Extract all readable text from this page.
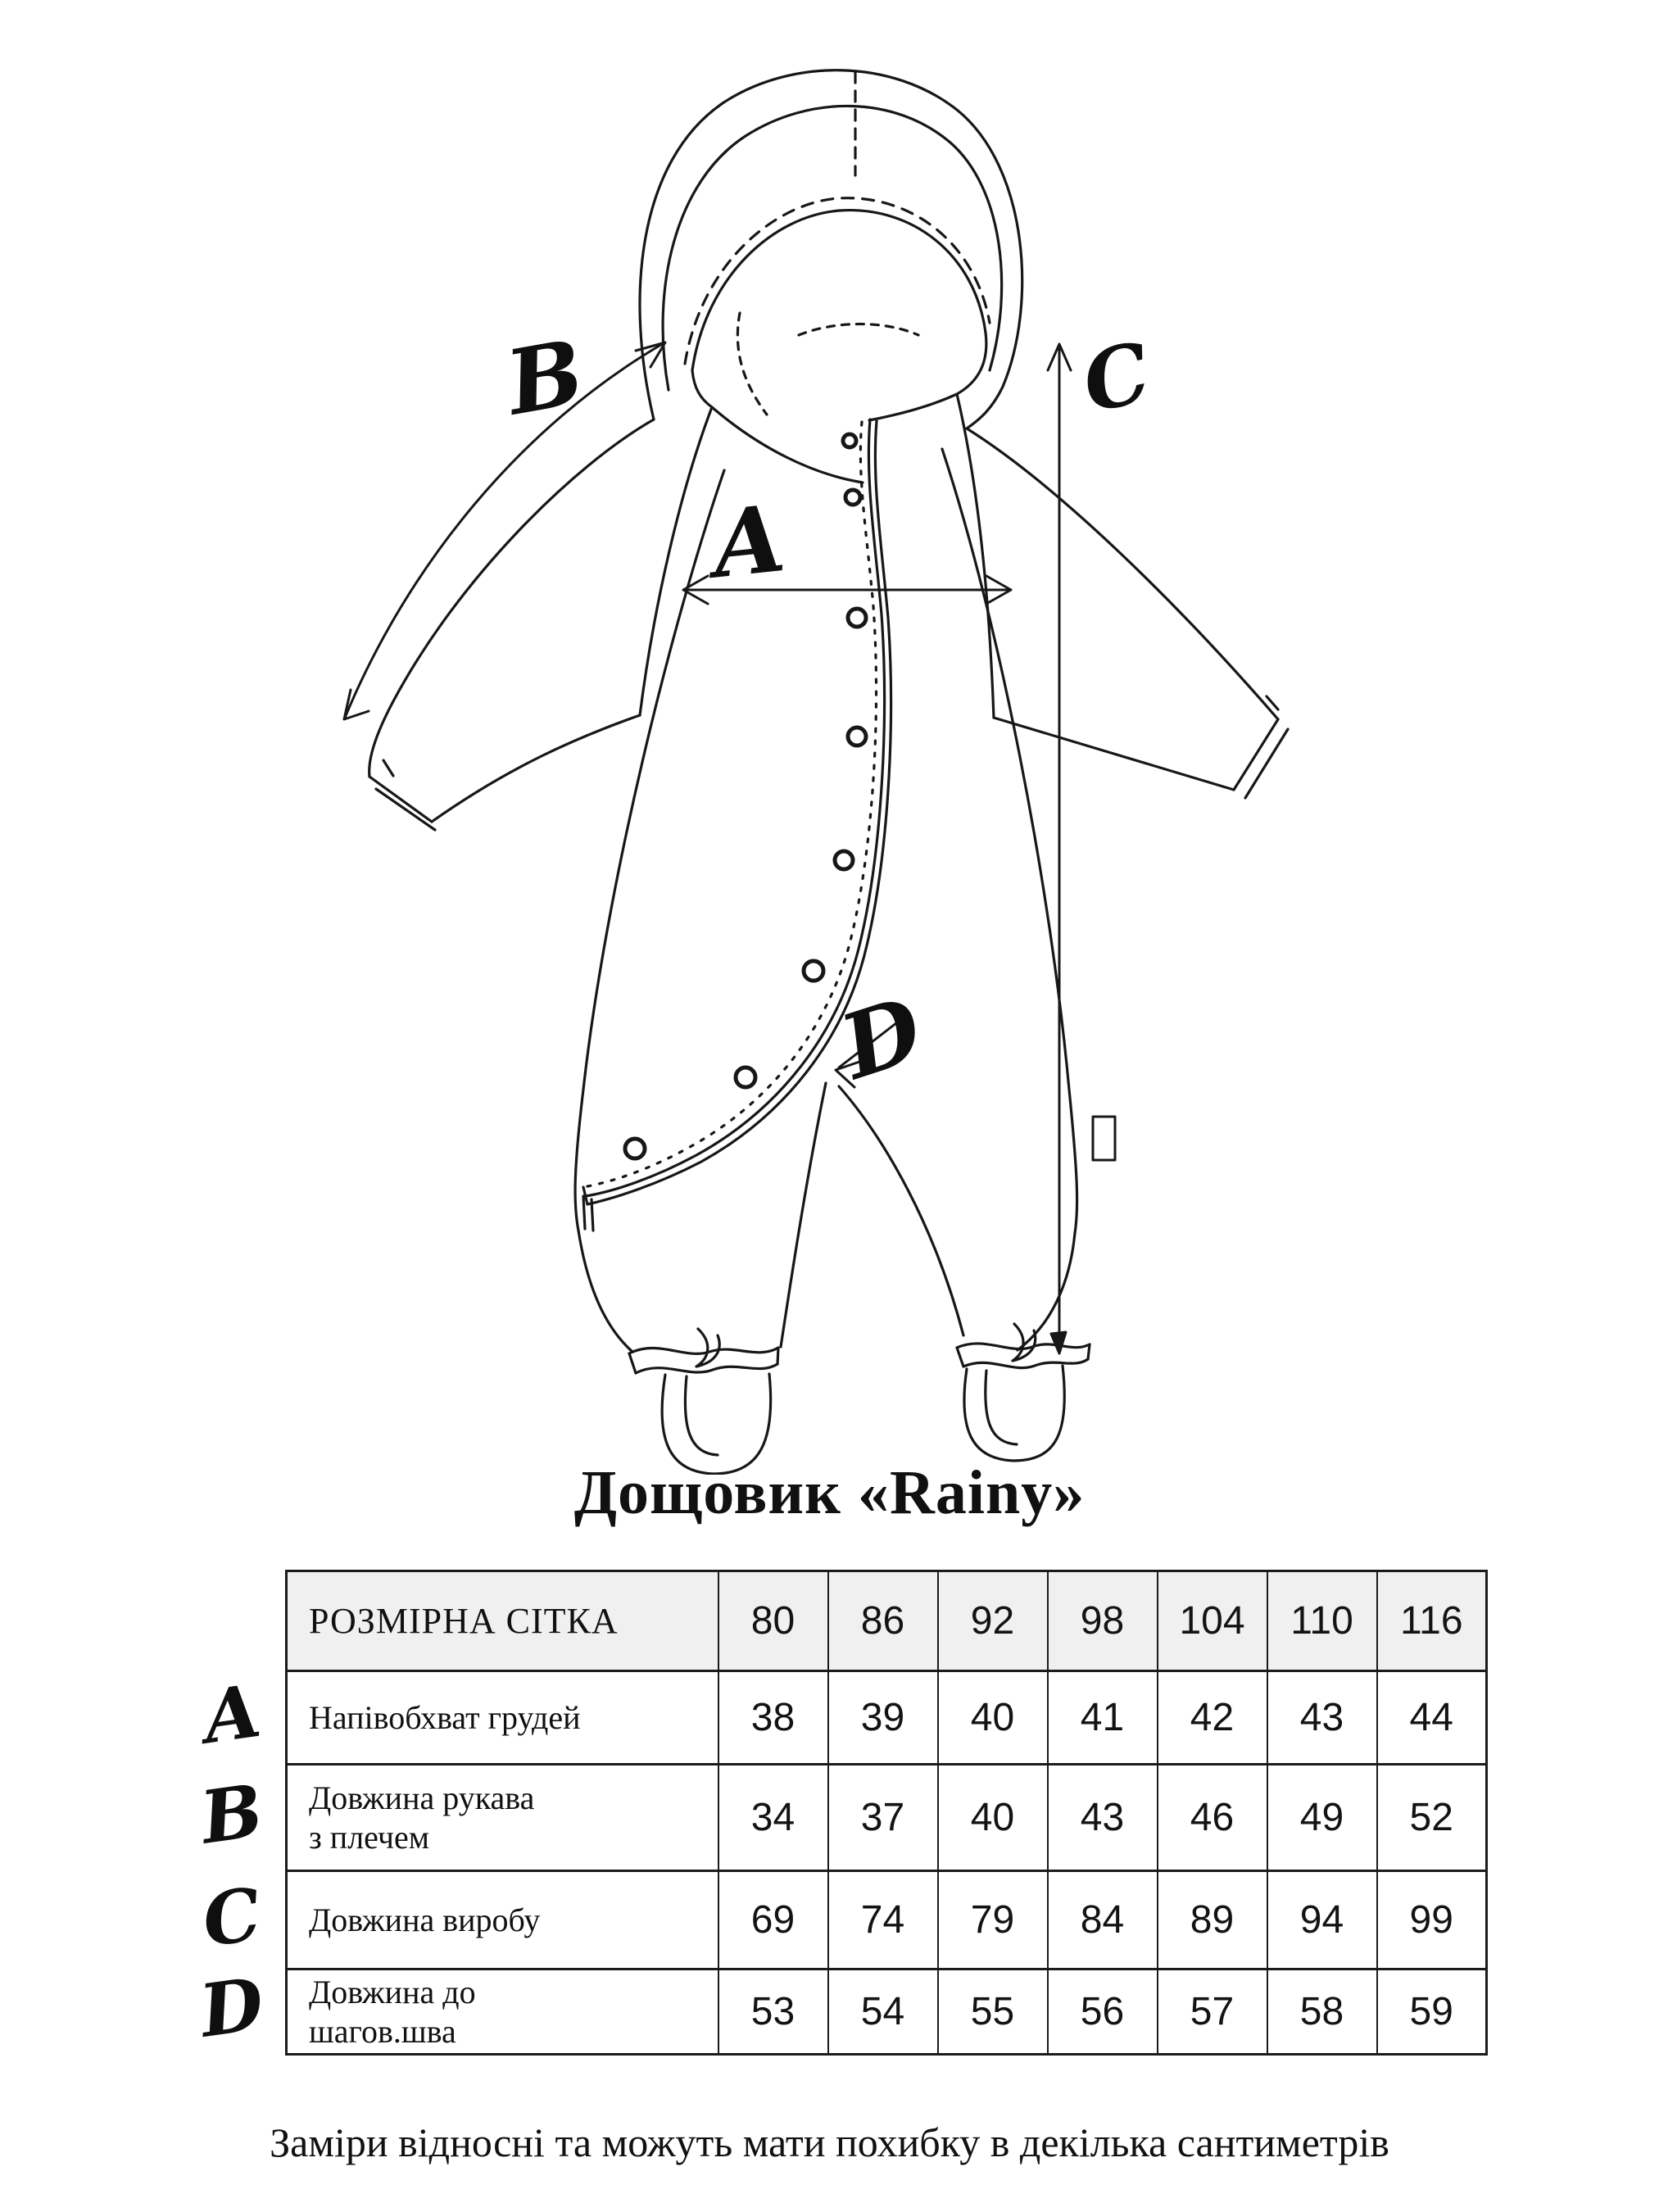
B	C
A
D
Дощовик «Rainy»
A
B
C
D
РОЗМІРНА СІТКА	80	86	92	98	104	110	116

Напівобхват грудей	38	39	40	41	42	43	44

Довжина рукава
з плечем	34	37	40	43	46	49	52

Довжина виробу	69	74	79	84	89	94	99

Довжина до
шагов.шва	53	54	55	56	57	58	59
Заміри відносні та можуть мати похибку в декілька сантиметрів
